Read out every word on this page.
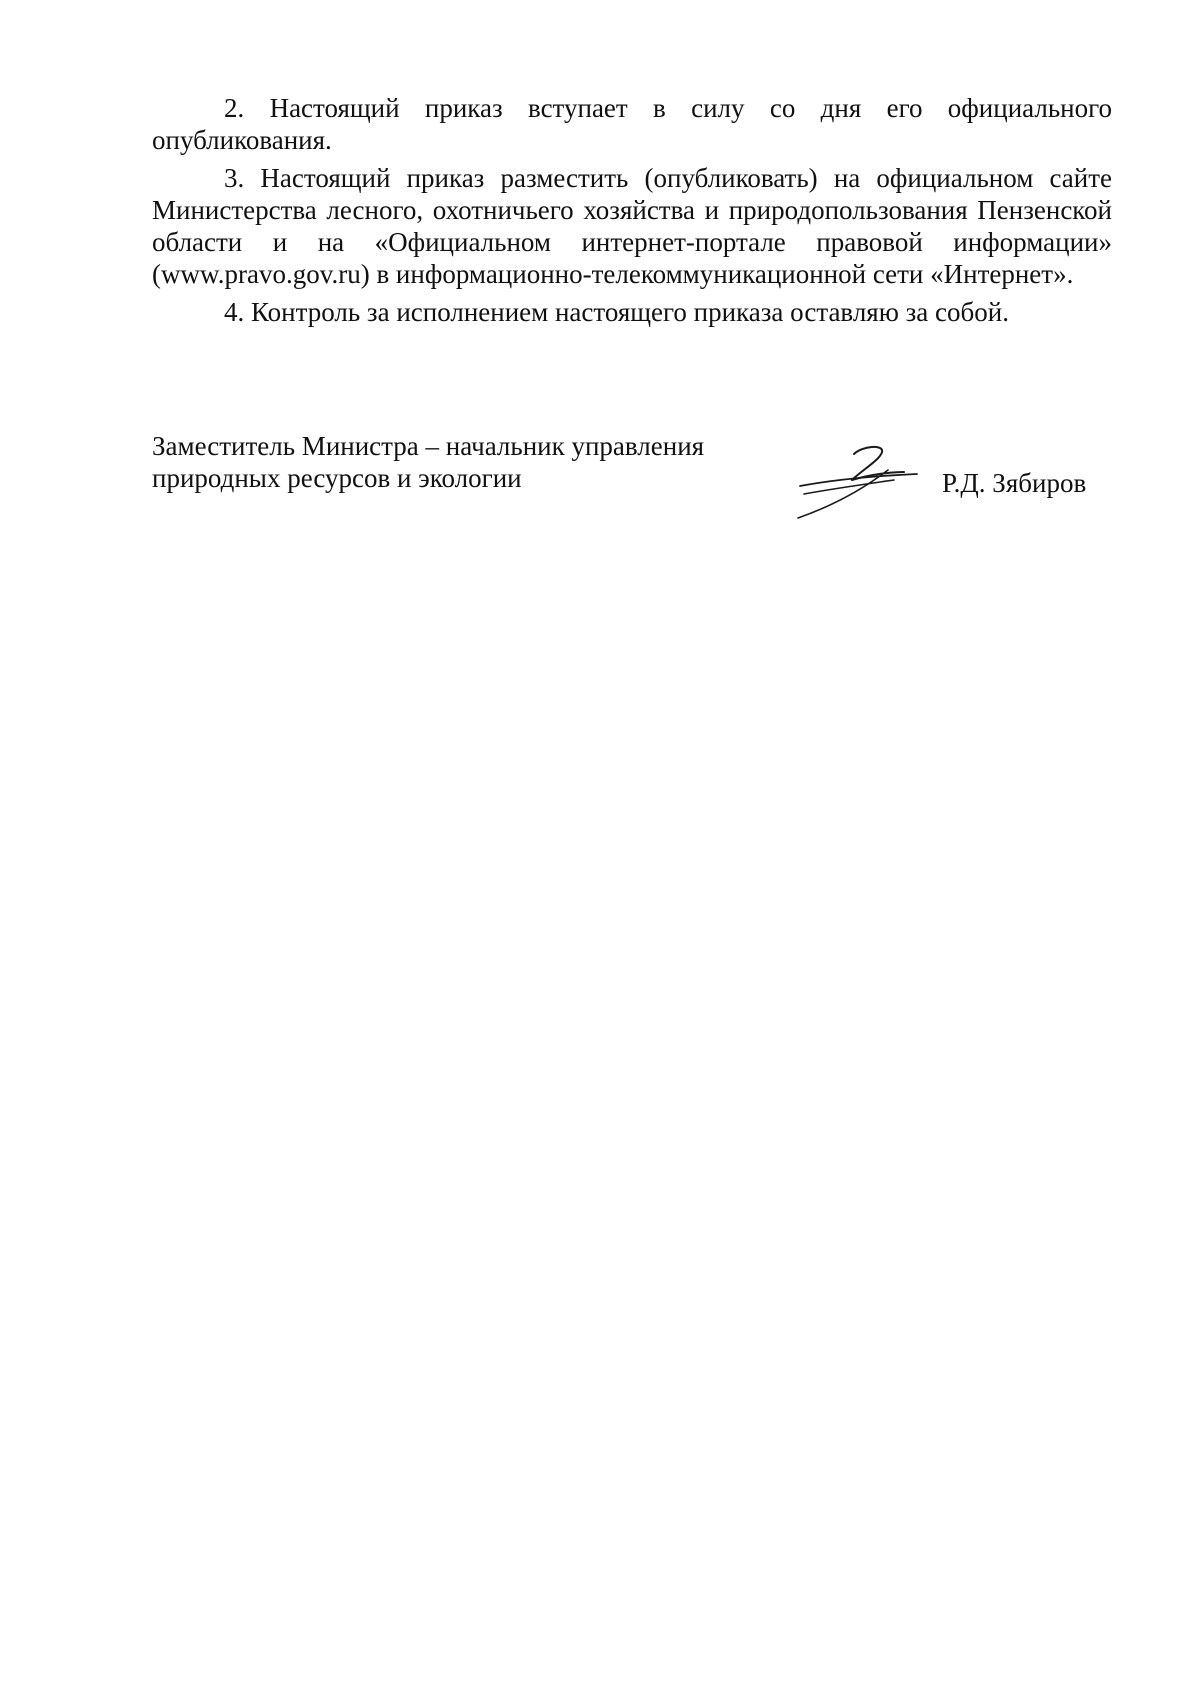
2. Настоящий приказ вступает в силу со дня его официального опубликования.

3. Настоящий приказ разместить (опубликовать) на официальном сайте Министерства лесного, охотничьего хозяйства и природопользования Пензенской области и на «Официальном интернет-портале правовой информации» (www.pravo.gov.ru) в информационно-телекоммуникационной сети «Интернет».

4. Контроль за исполнением настоящего приказа оставляю за собой.

Заместитель Министра – начальник управления
природных ресурсов и экологии	Р.Д. Зябиров
